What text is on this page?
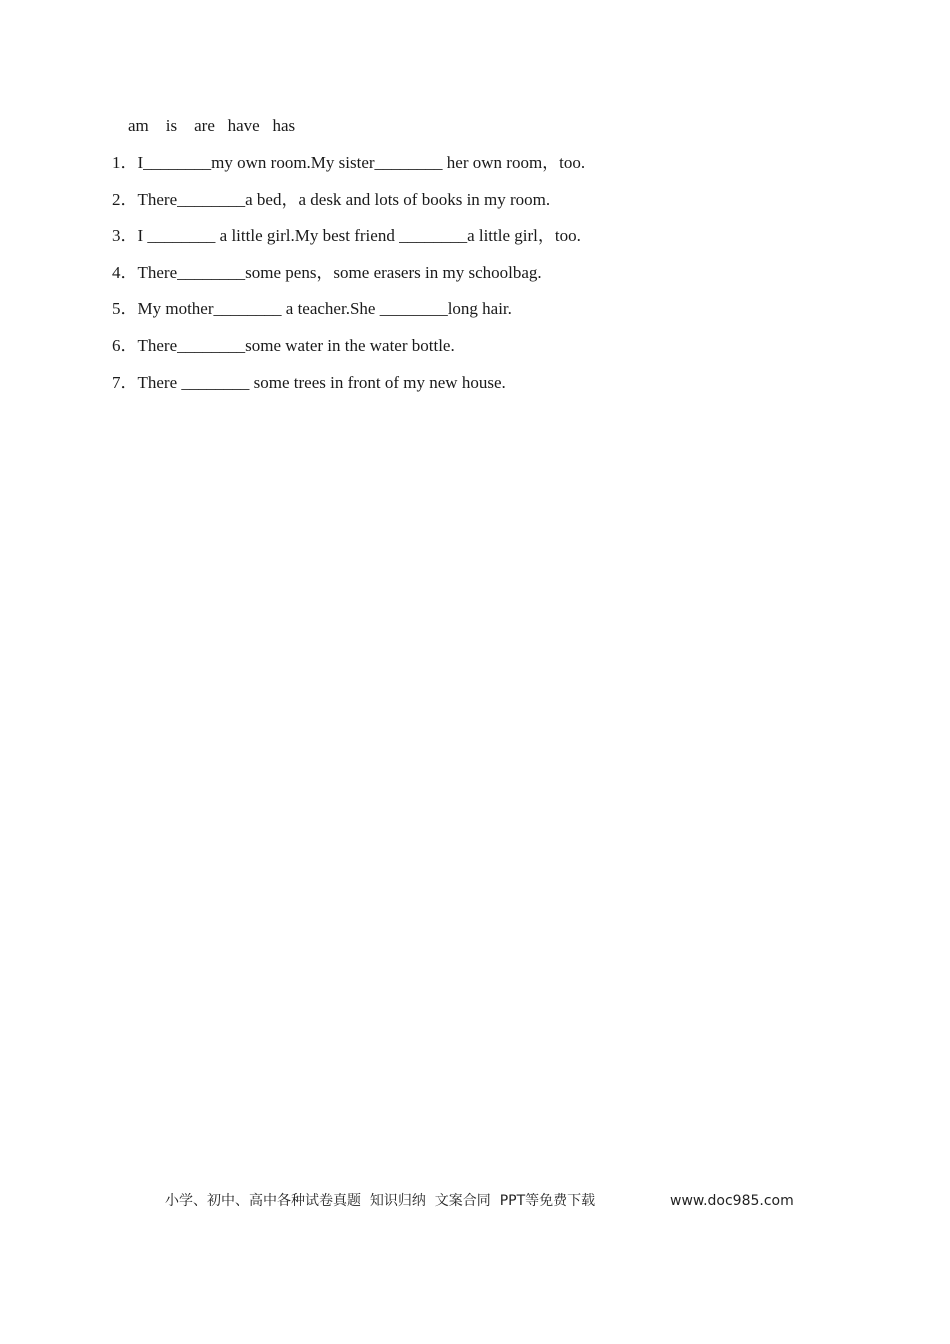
am    is    are   have   has
1．I________my own room.My sister________ her own room，too.
2．There________a bed，a desk and lots of books in my room.
3．I ________ a little girl.My best friend ________a little girl，too.
4．There________some pens，some erasers in my schoolbag.
5．My mother________ a teacher.She ________long hair.
6．There________some water in the water bottle.
7．There ________ some trees in front of my new house.
小学、初中、高中各种试卷真题  知识归纳  文案合同  PPT等免费下载	www.doc985.com
